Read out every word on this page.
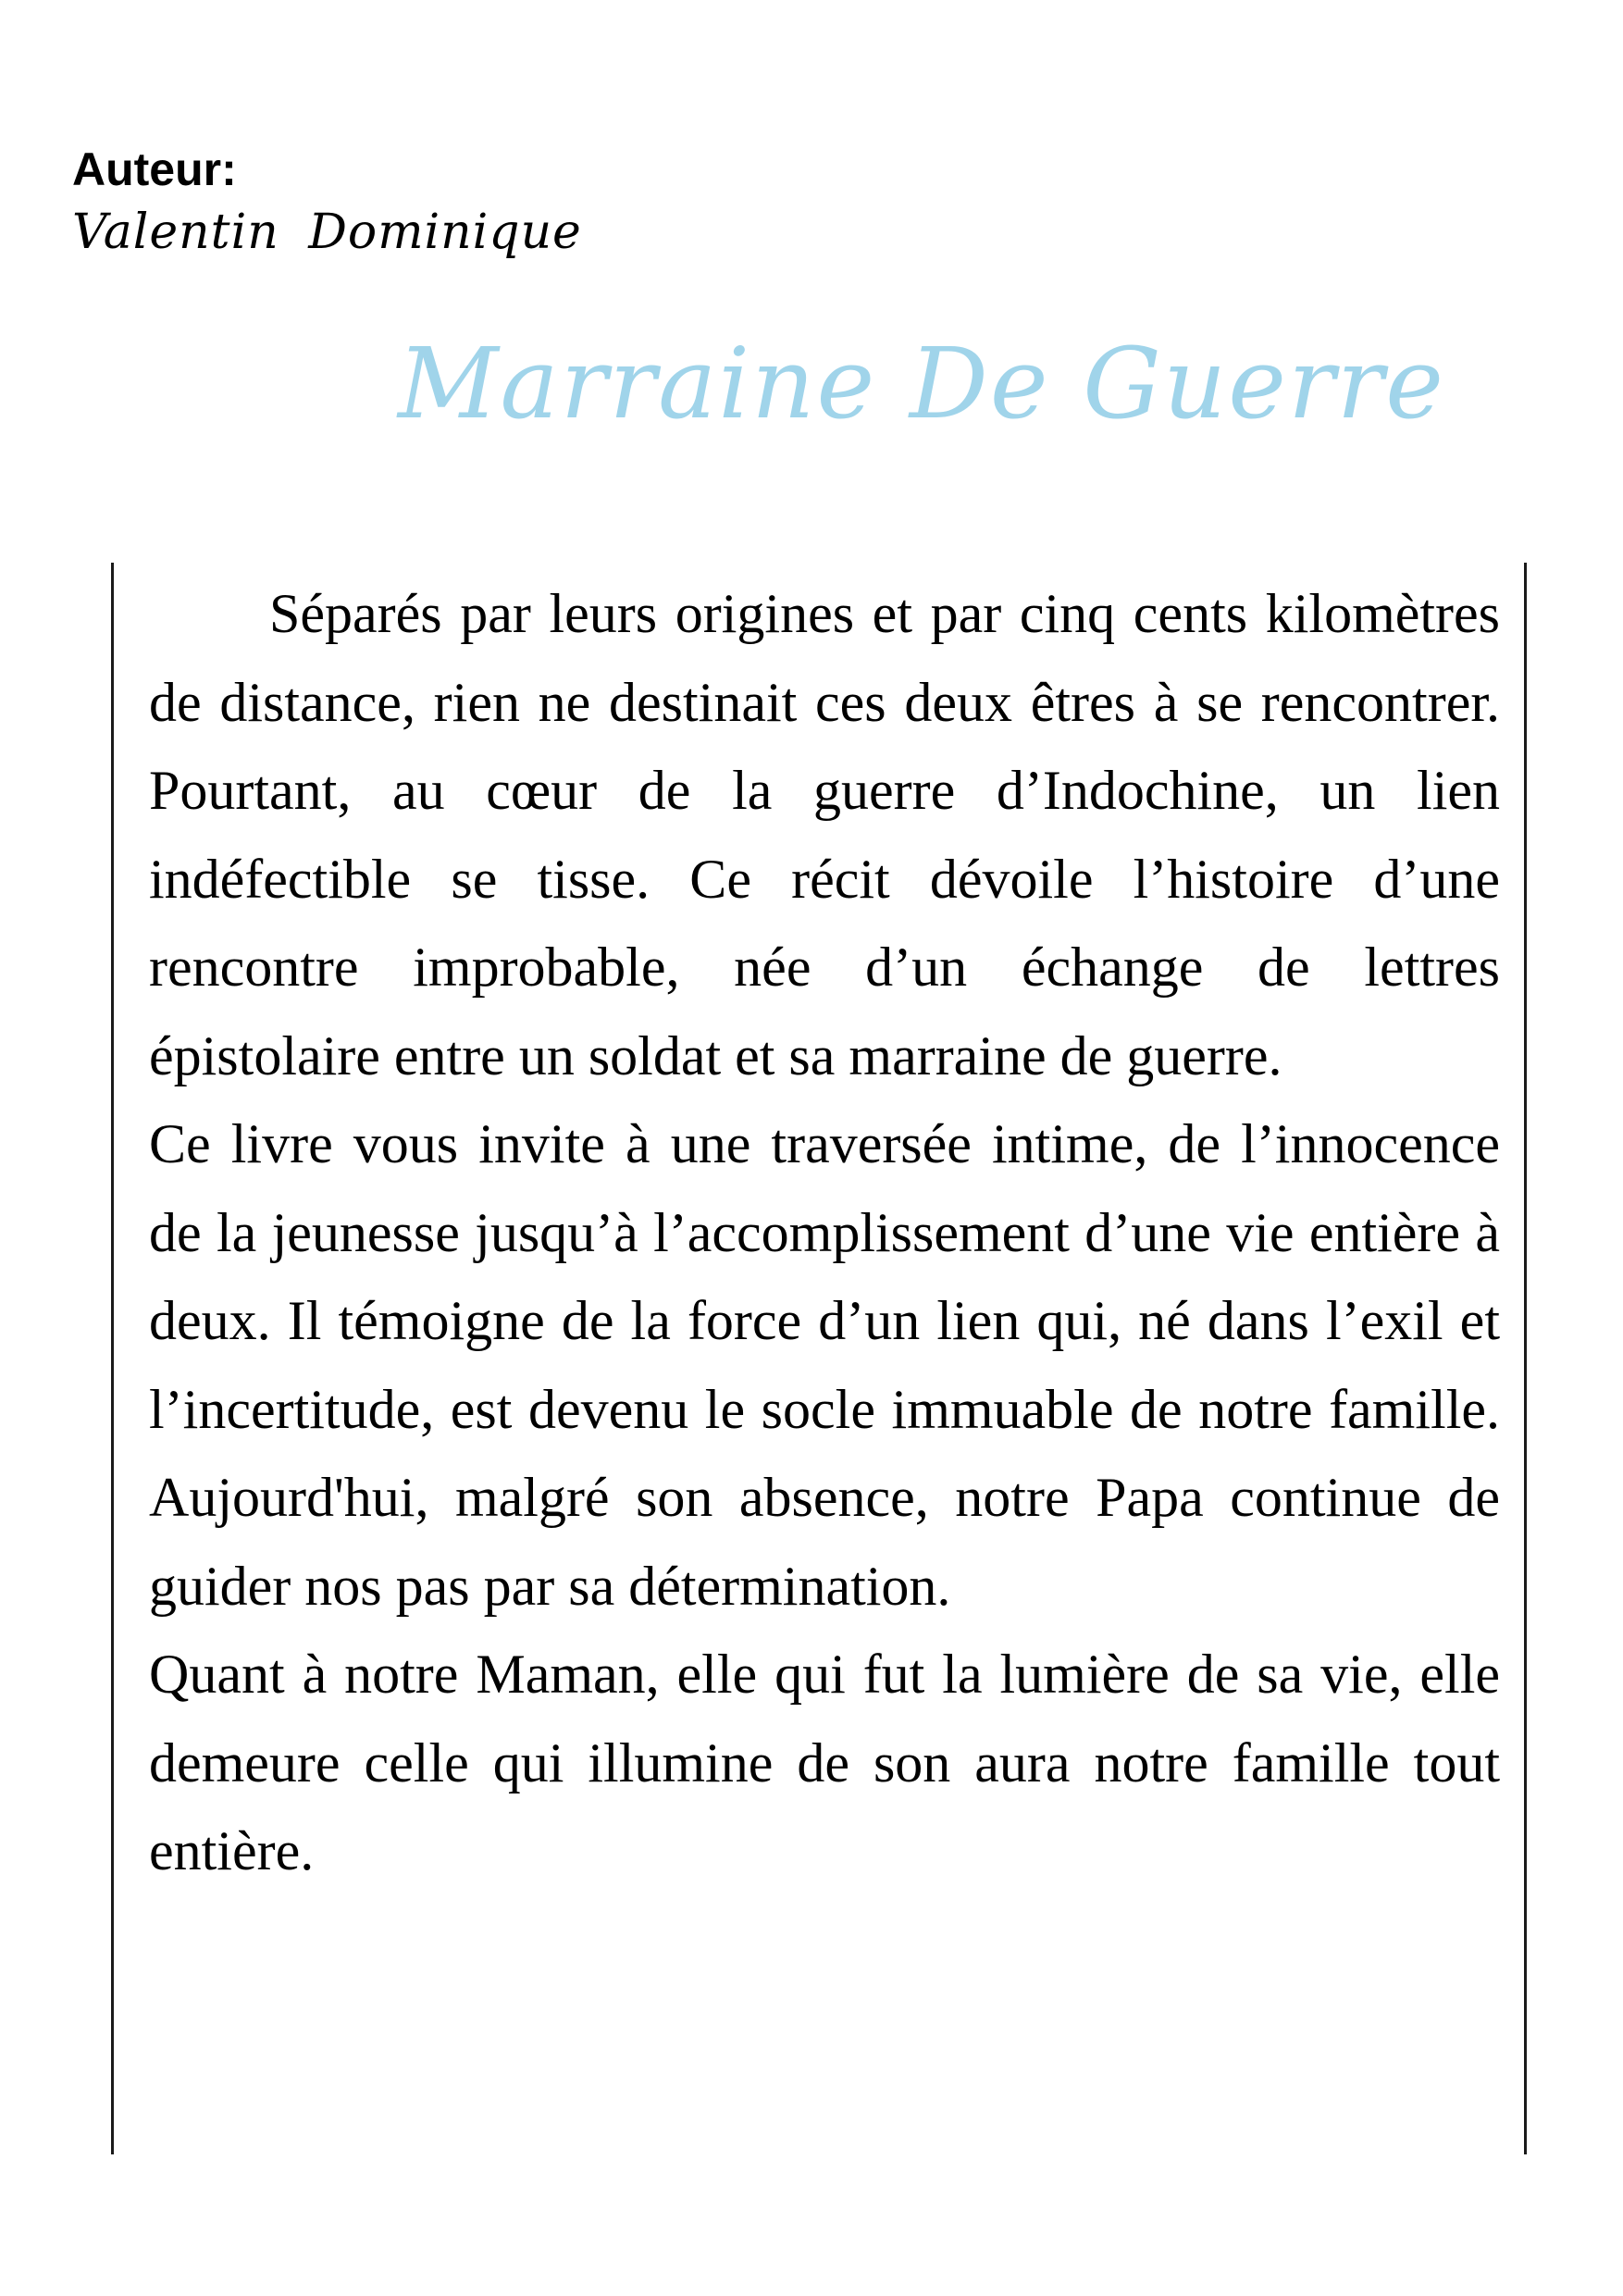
Auteur:

Valentin Dominique

Marraine De Guerre

Séparés par leurs origines et par cinq cents kilomètres de distance, rien ne destinait ces deux êtres à se rencontrer. Pourtant, au cœur de la guerre d’Indochine, un lien indéfectible se tisse. Ce récit dévoile l’histoire d’une rencontre improbable, née d’un échange de lettres épistolaire entre un soldat et sa marraine de guerre.

Ce livre vous invite à une traversée intime, de l’innocence de la jeunesse jusqu’à l’accomplissement d’une vie entière à deux. Il témoigne de la force d’un lien qui, né dans l’exil et l’incertitude, est devenu le socle immuable de notre famille. Aujourd'hui, malgré son absence, notre Papa continue de guider nos pas par sa détermination.

Quant à notre Maman, elle qui fut la lumière de sa vie, elle demeure celle qui illumine de son aura notre famille tout entière.
